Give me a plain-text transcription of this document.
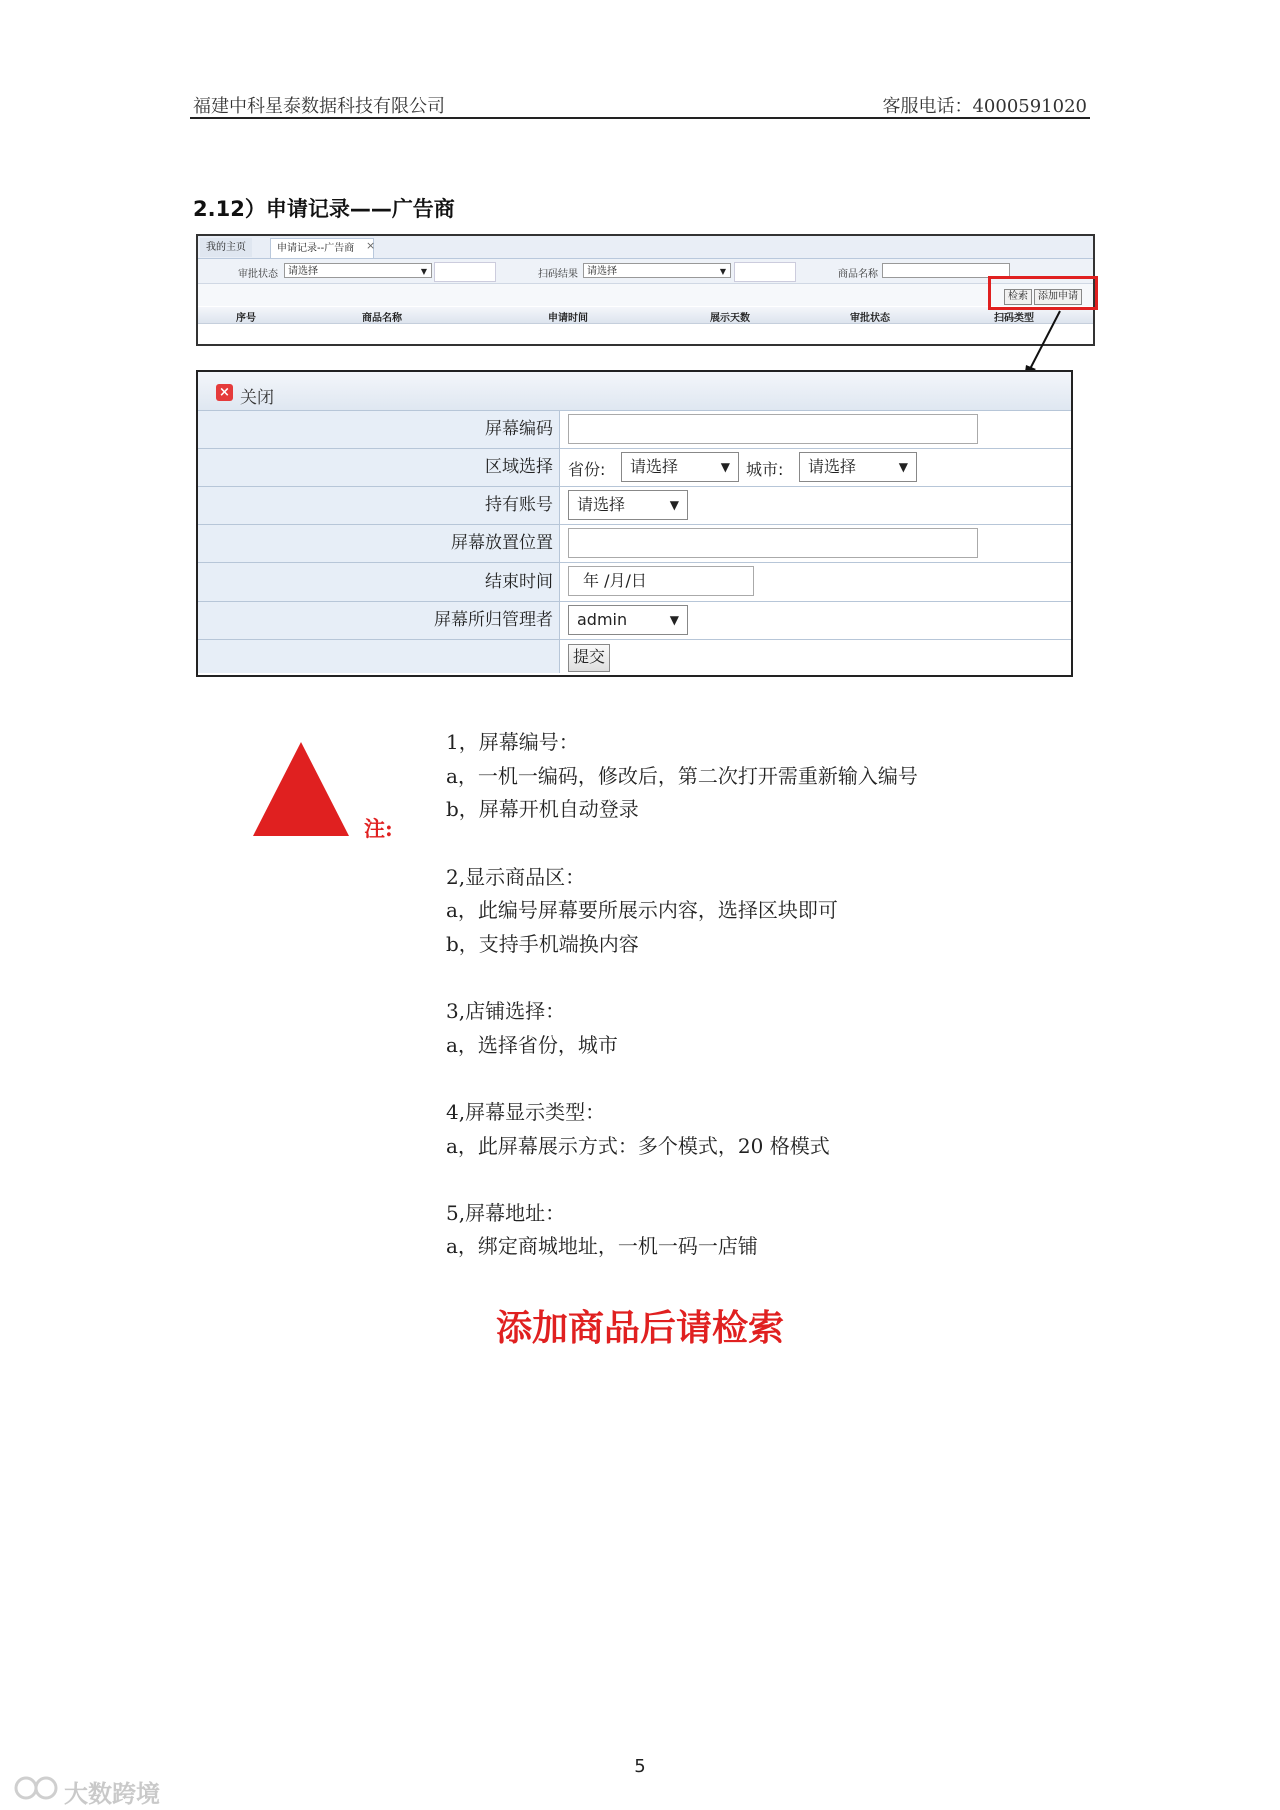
福建中科星泰数据科技有限公司	客服电话：4000591020
2.12）申请记录——广告商
我的主页	申请记录--广告商	×
审批状态	请选择	▼	扫码结果 请选择	▼	商品名称
检索	添加申请
序号	商品名称	申请时间	展示天数	审批状态	扫码类型
× 关闭
屏幕编码
区域选择 省份:	请选择	▼ 城市:	请选择	▼
持有账号	请选择	▼
屏幕放置位置
结束时间	年 /月/日
屏幕所归管理者	admin	▼
提交
注:
1，屏幕编号：
a，一机一编码，修改后，第二次打开需重新输入编号
b，屏幕开机自动登录
2,显示商品区：
a，此编号屏幕要所展示内容，选择区块即可
b，支持手机端换内容
3,店铺选择：
a，选择省份，城市
4,屏幕显示类型：
a，此屏幕展示方式：多个模式，20 格模式
5,屏幕地址：
a，绑定商城地址，一机一码一店铺
添加商品后请检索
5
大数跨境
